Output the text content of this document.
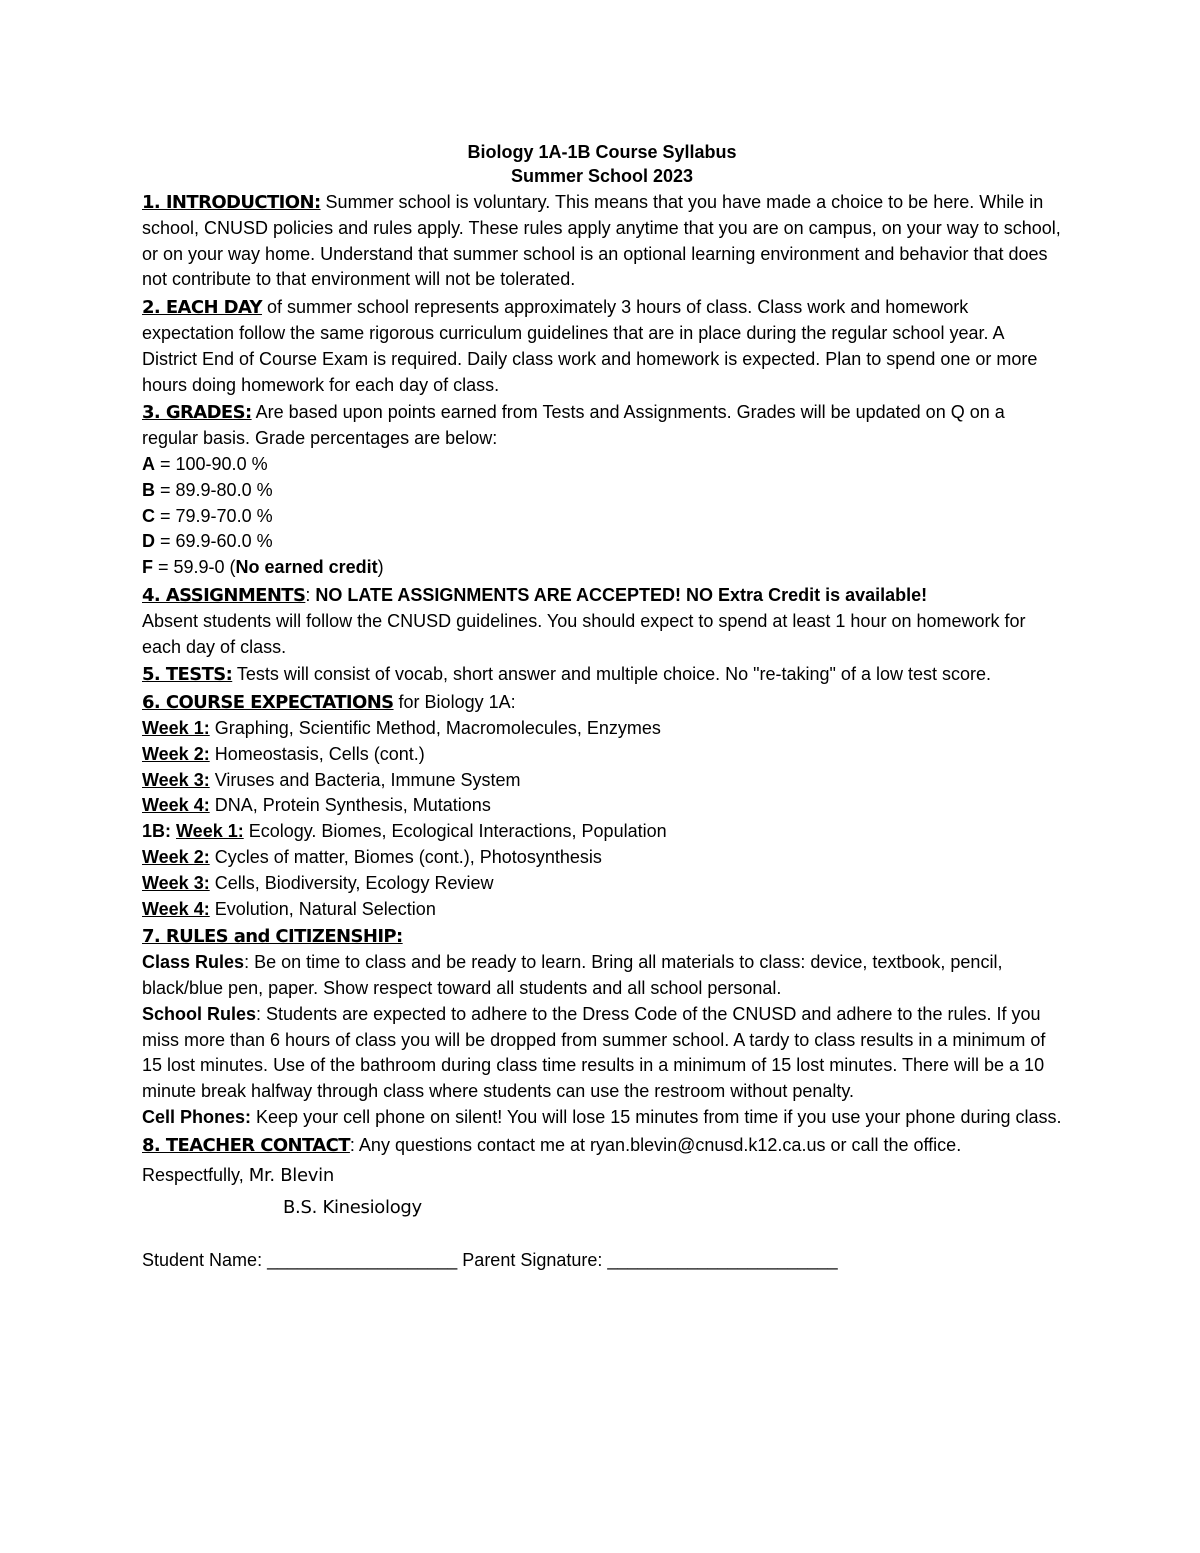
Biology 1A-1B Course Syllabus
Summer School 2023
1. INTRODUCTION: Summer school is voluntary. This means that you have made a choice to be here. While in school, CNUSD policies and rules apply. These rules apply anytime that you are on campus, on your way to school, or on your way home. Understand that summer school is an optional learning environment and behavior that does not contribute to that environment will not be tolerated.
2. EACH DAY of summer school represents approximately 3 hours of class. Class work and homework expectation follow the same rigorous curriculum guidelines that are in place during the regular school year. A District End of Course Exam is required. Daily class work and homework is expected. Plan to spend one or more hours doing homework for each day of class.
3. GRADES: Are based upon points earned from Tests and Assignments. Grades will be updated on Q on a regular basis. Grade percentages are below:
A = 100-90.0 %
B = 89.9-80.0 %
C = 79.9-70.0 %
D = 69.9-60.0 %
F = 59.9-0 (No earned credit)
4. ASSIGNMENTS: NO LATE ASSIGNMENTS ARE ACCEPTED! NO Extra Credit is available!
Absent students will follow the CNUSD guidelines. You should expect to spend at least 1 hour on homework for each day of class.
5. TESTS: Tests will consist of vocab, short answer and multiple choice. No "re-taking" of a low test score.
6. COURSE EXPECTATIONS for Biology 1A:
Week 1: Graphing, Scientific Method, Macromolecules, Enzymes
Week 2: Homeostasis, Cells (cont.)
Week 3: Viruses and Bacteria, Immune System
Week 4: DNA, Protein Synthesis, Mutations
1B: Week 1: Ecology. Biomes, Ecological Interactions, Population
Week 2: Cycles of matter, Biomes (cont.), Photosynthesis
Week 3: Cells, Biodiversity, Ecology Review
Week 4: Evolution, Natural Selection
7. RULES and CITIZENSHIP:
Class Rules: Be on time to class and be ready to learn. Bring all materials to class: device, textbook, pencil, black/blue pen, paper. Show respect toward all students and all school personal.
School Rules: Students are expected to adhere to the Dress Code of the CNUSD and adhere to the rules. If you miss more than 6 hours of class you will be dropped from summer school. A tardy to class results in a minimum of 15 lost minutes. Use of the bathroom during class time results in a minimum of 15 lost minutes. There will be a 10 minute break halfway through class where students can use the restroom without penalty.
Cell Phones: Keep your cell phone on silent! You will lose 15 minutes from time if you use your phone during class.
8. TEACHER CONTACT: Any questions contact me at ryan.blevin@cnusd.k12.ca.us or call the office.
Respectfully, Mr. Blevin
B.S. Kinesiology
Student Name: ___________________ Parent Signature: _______________________
